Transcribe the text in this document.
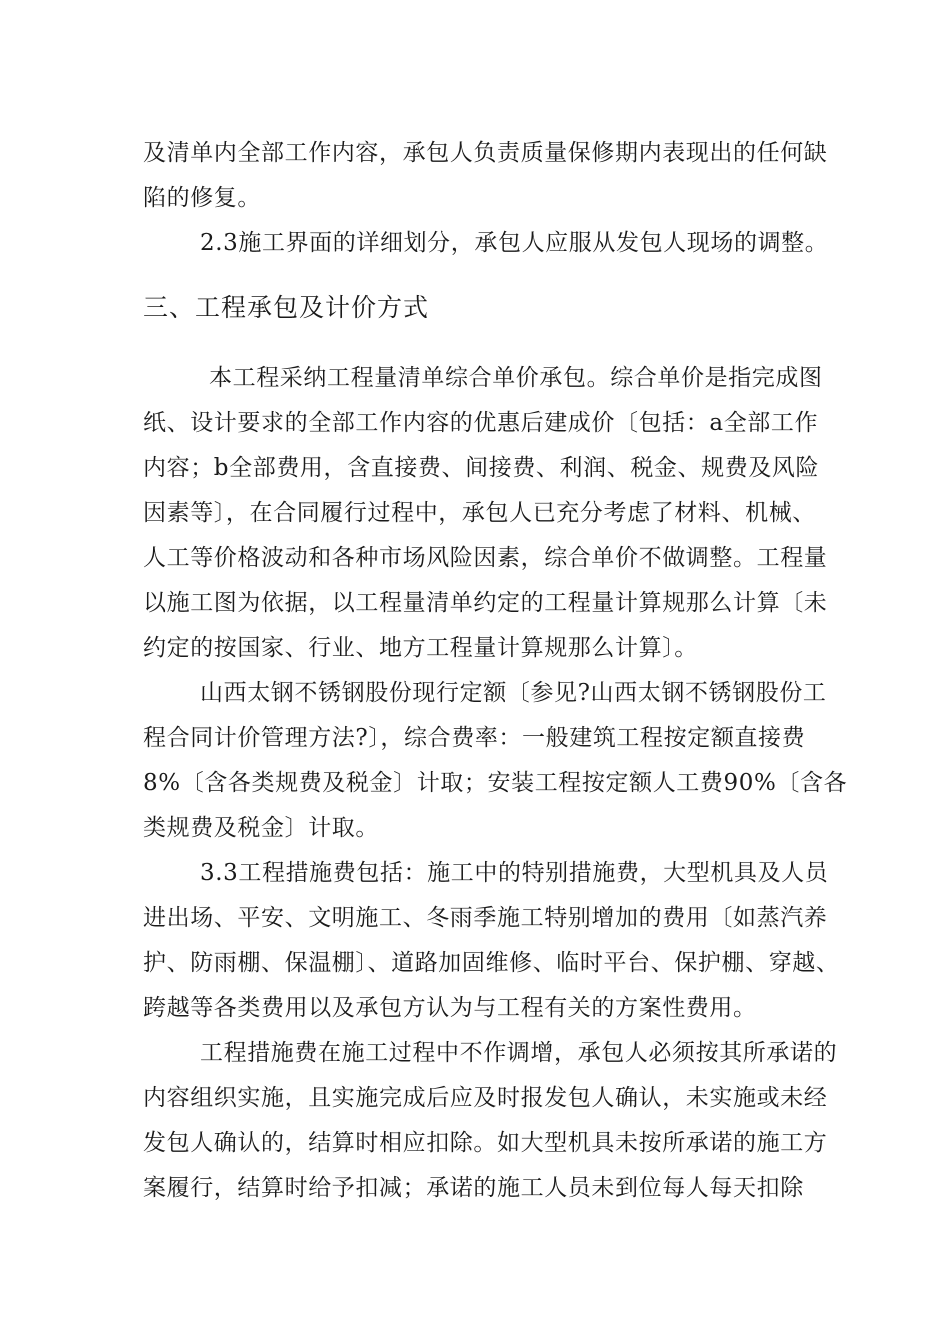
及清单内全部工作内容，承包人负责质量保修期内表现出的任何缺
陷的修复。
2.3施工界面的详细划分，承包人应服从发包人现场的调整。
三、工程承包及计价方式
本工程采纳工程量清单综合单价承包。综合单价是指完成图
纸、设计要求的全部工作内容的优惠后建成价〔包括：a全部工作
内容；b全部费用，含直接费、间接费、利润、税金、规费及风险
因素等〕，在合同履行过程中，承包人已充分考虑了材料、机械、
人工等价格波动和各种市场风险因素，综合单价不做调整。工程量
以施工图为依据，以工程量清单约定的工程量计算规那么计算〔未
约定的按国家、行业、地方工程量计算规那么计算〕。
山西太钢不锈钢股份现行定额〔参见?山西太钢不锈钢股份工
程合同计价管理方法?〕，综合费率：一般建筑工程按定额直接费
8%〔含各类规费及税金〕计取；安装工程按定额人工费90%〔含各
类规费及税金〕计取。
3.3工程措施费包括：施工中的特别措施费，大型机具及人员
进出场、平安、文明施工、冬雨季施工特别增加的费用〔如蒸汽养
护、防雨棚、保温棚〕、道路加固维修、临时平台、保护棚、穿越、
跨越等各类费用以及承包方认为与工程有关的方案性费用。
工程措施费在施工过程中不作调增，承包人必须按其所承诺的
内容组织实施，且实施完成后应及时报发包人确认，未实施或未经
发包人确认的，结算时相应扣除。如大型机具未按所承诺的施工方
案履行，结算时给予扣减；承诺的施工人员未到位每人每天扣除
